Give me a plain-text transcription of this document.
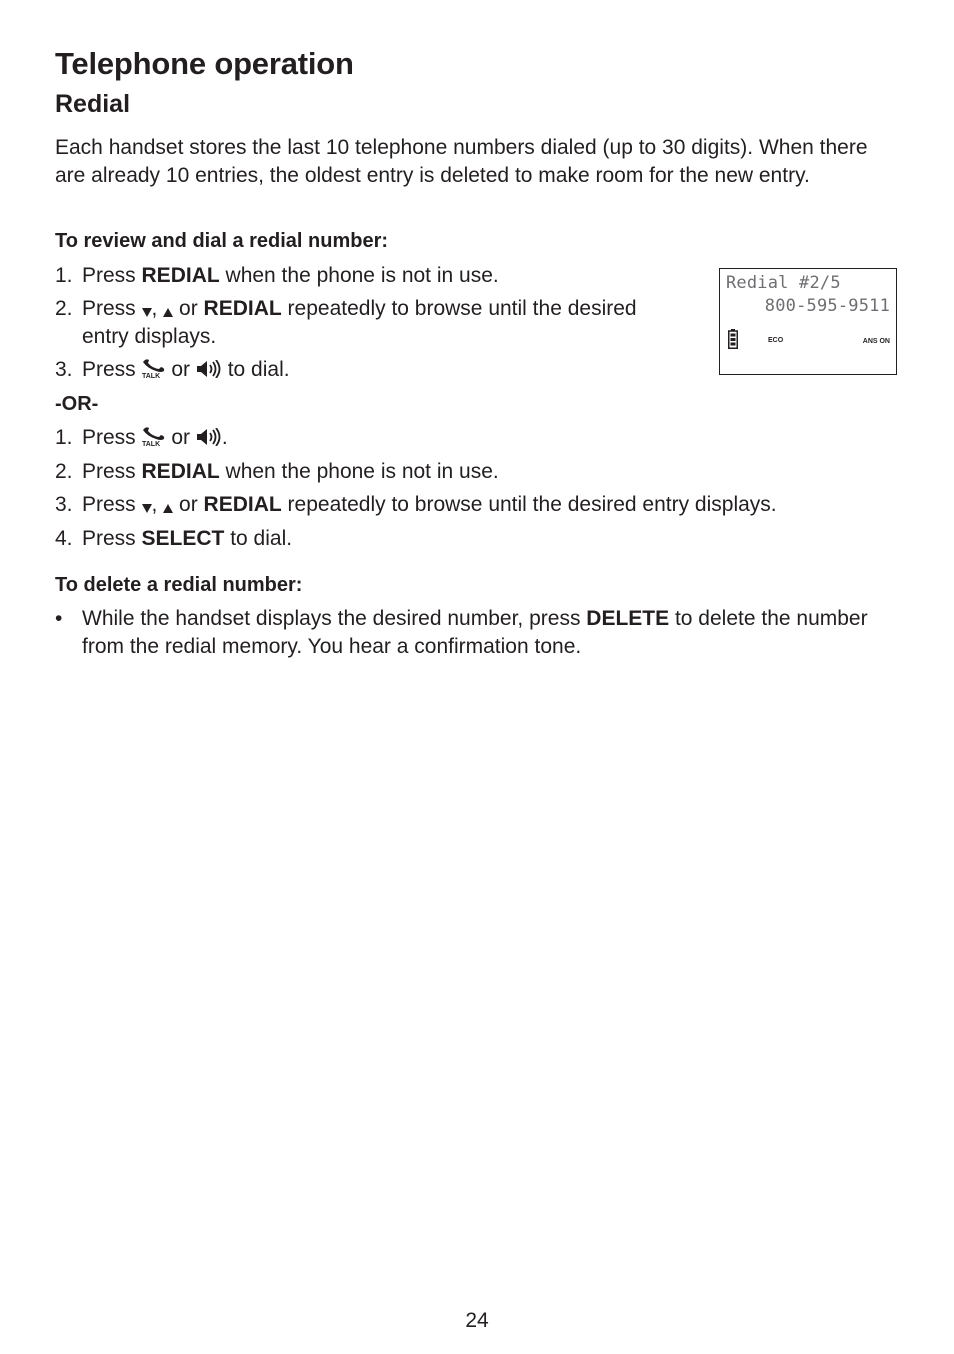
Telephone operation
Redial

Each handset stores the last 10 telephone numbers dialed (up to 30 digits). When there are already 10 entries, the oldest entry is deleted to make room for the new entry.

To review and dial a redial number:

1. Press REDIAL when the phone is not in use.
2. Press ,  or REDIAL repeatedly to browse until the desired
entry displays.
3. Press TALK or  to dial.

-OR-

1. Press TALK or .
2. Press REDIAL when the phone is not in use.
3. Press ,  or REDIAL repeatedly to browse until the desired entry displays.
4. Press SELECT to dial.

To delete a redial number:

• While the handset displays the desired number, press DELETE to delete the number from the redial memory. You hear a confirmation tone.
Redial #2/5
800-595-9511
ECO	ANS ON
24
